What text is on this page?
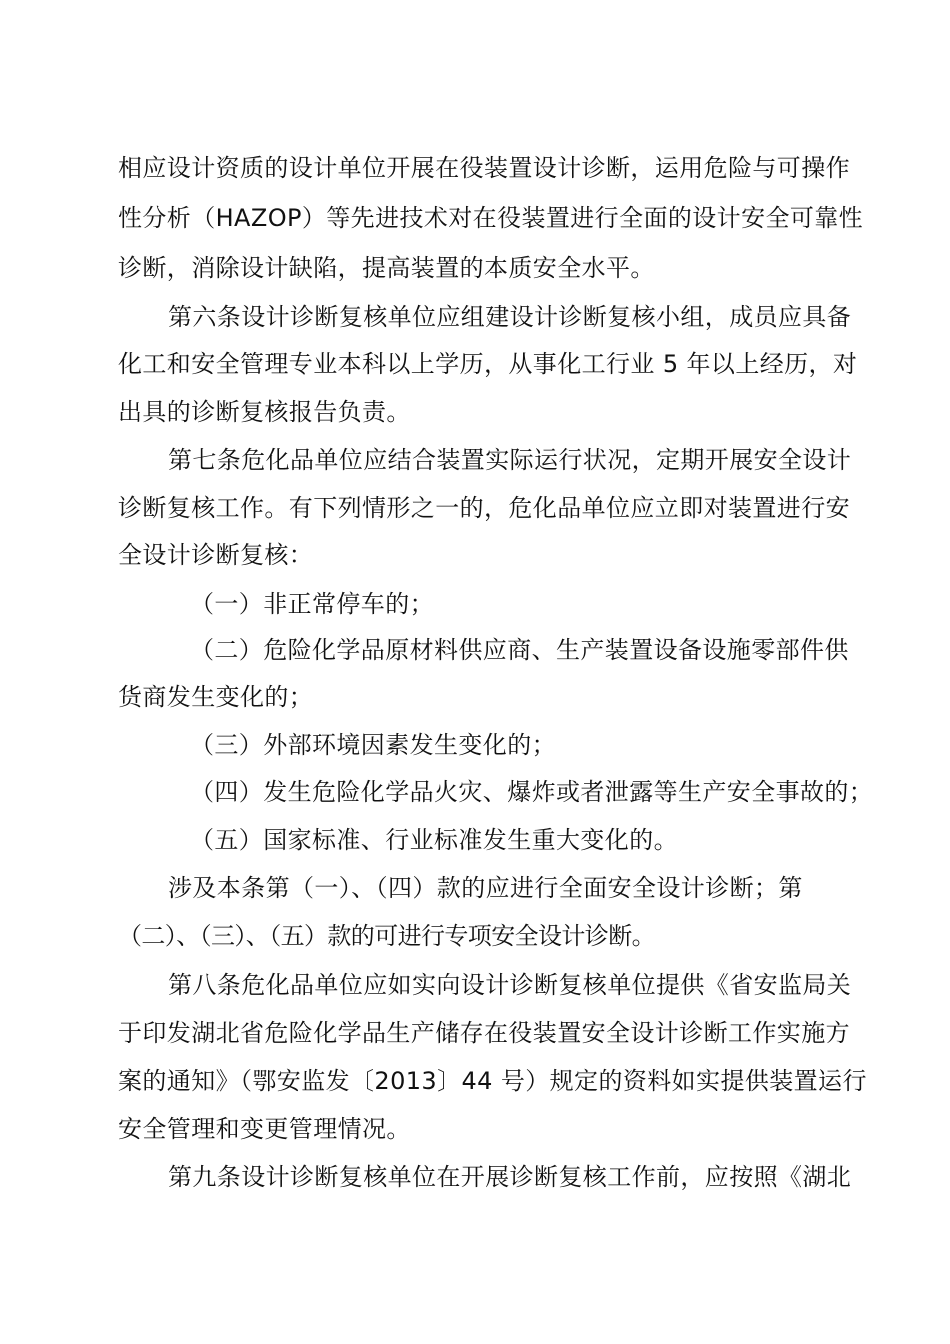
相应设计资质的设计单位开展在役装置设计诊断，运用危险与可操作
性分析（HAZOP）等先进技术对在役装置进行全面的设计安全可靠性
诊断，消除设计缺陷，提高装置的本质安全水平。
第六条设计诊断复核单位应组建设计诊断复核小组，成员应具备
化工和安全管理专业本科以上学历，从事化工行业 5 年以上经历，对
出具的诊断复核报告负责。
第七条危化品单位应结合装置实际运行状况，定期开展安全设计
诊断复核工作。有下列情形之一的，危化品单位应立即对装置进行安
全设计诊断复核：
（一）非正常停车的；
（二）危险化学品原材料供应商、生产装置设备设施零部件供
货商发生变化的；
（三）外部环境因素发生变化的；
（四）发生危险化学品火灾、爆炸或者泄露等生产安全事故的；
（五）国家标准、行业标准发生重大变化的。
涉及本条第（一）、（四）款的应进行全面安全设计诊断；第
（二）、（三）、（五）款的可进行专项安全设计诊断。
第八条危化品单位应如实向设计诊断复核单位提供《省安监局关
于印发湖北省危险化学品生产储存在役装置安全设计诊断工作实施方
案的通知》（鄂安监发〔2013〕44 号）规定的资料如实提供装置运行
安全管理和变更管理情况。
第九条设计诊断复核单位在开展诊断复核工作前，应按照《湖北
